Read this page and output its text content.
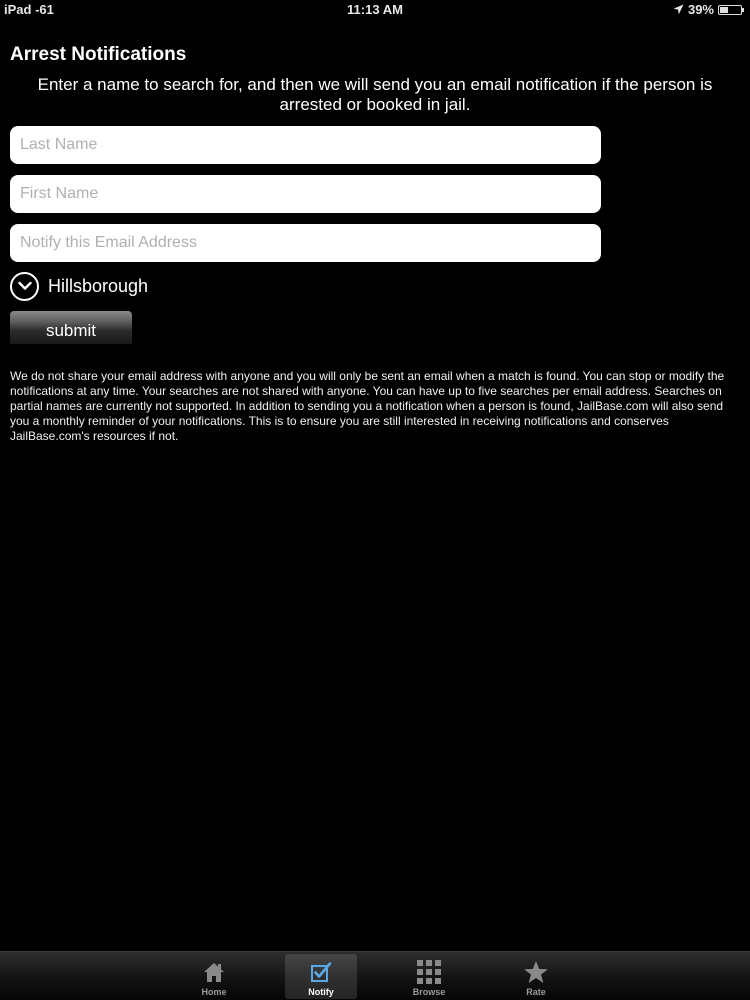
iPad -61	11:13 AM	39%
Arrest Notifications
Enter a name to search for, and then we will send you an email notification if the person is arrested or booked in jail.
Last Name
First Name
Notify this Email Address
Hillsborough
submit
We do not share your email address with anyone and you will only be sent an email when a match is found. You can stop or modify the notifications at any time. Your searches are not shared with anyone. You can have up to five searches per email address. Searches on partial names are currently not supported. In addition to sending you a notification when a person is found, JailBase.com will also send you a monthly reminder of your notifications. This is to ensure you are still interested in receiving notifications and conserves JailBase.com's resources if not.
Home	Notify	Browse	Rate
